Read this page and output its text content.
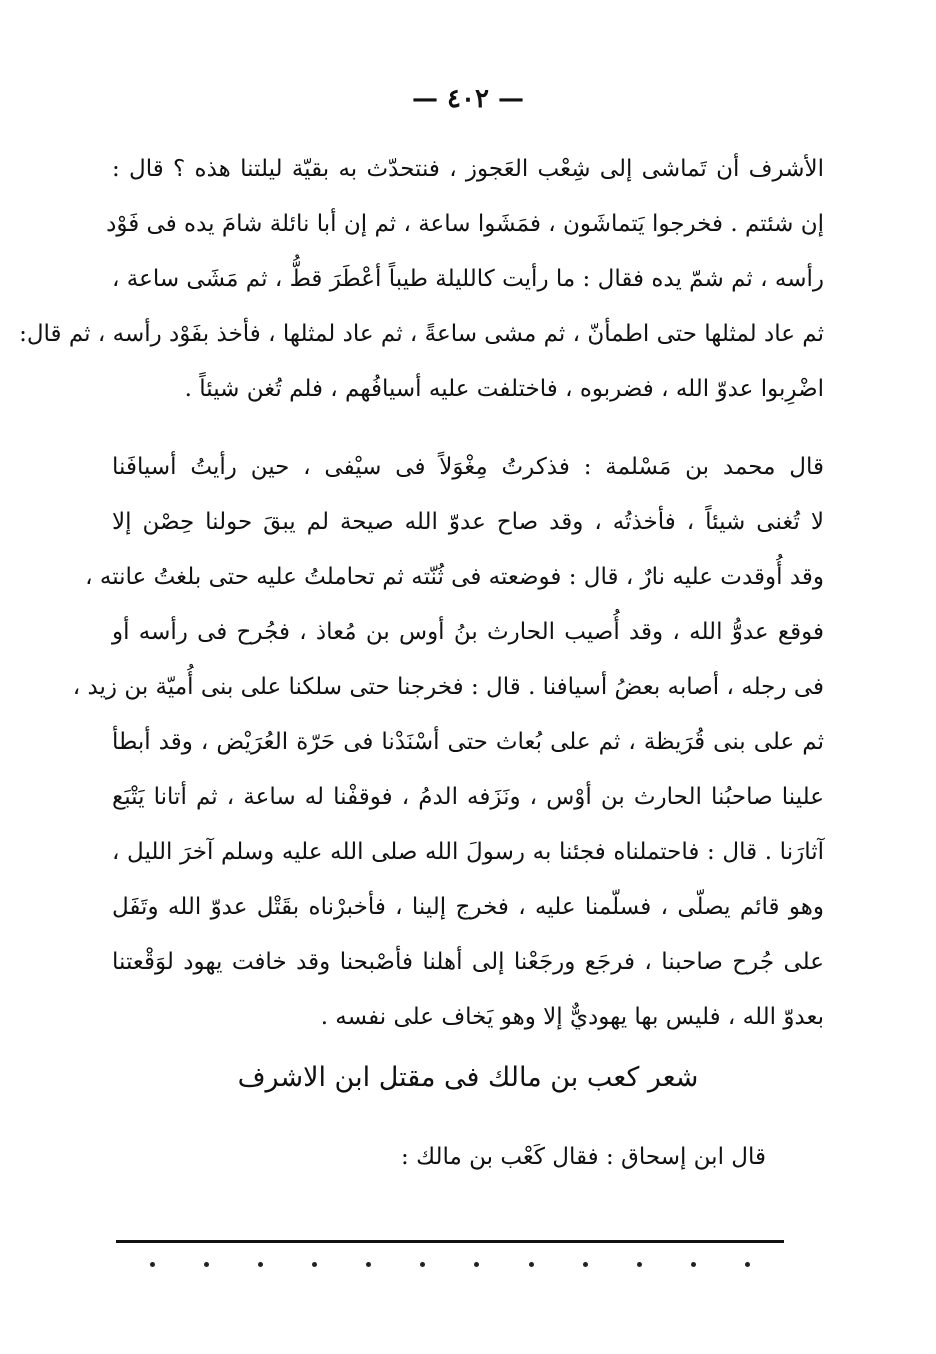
— ٤٠٢ —
الأشرف أن تَماشى إلى شِعْب العَجوز ، فنتحدّث به بقيّة ليلتنا هذه ؟ قال :
إن شئتم . فخرجوا يَتماشَون ، فمَشَوا ساعة ، ثم إن أبا نائلة شامَ يده فى فَوْد
رأسه ، ثم شمّ يده فقال : ما رأيت كالليلة طيباً أعْطَرَ قطُّ ، ثم مَشَى ساعة ،
ثم عاد لمثلها حتى اطمأنّ ، ثم مشى ساعةً ، ثم عاد لمثلها ، فأخذ بفَوْد رأسه ، ثم قال:
اضْرِبوا عدوّ الله ، فضربوه ، فاختلفت عليه أسيافُهم ، فلم تُغن شيئاً .
قال محمد بن مَسْلمة : فذكرتُ مِغْوَلاً فى سيْفى ، حين رأيتُ أسيافَنا
لا تُغنى شيئاً ، فأخذتُه ، وقد صاح عدوّ الله صيحة لم يبقَ حولنا حِصْن إلا
وقد أُوقدت عليه نارٌ ، قال : فوضعته فى ثُنّته ثم تحاملتُ عليه حتى بلغتُ عانته ،
فوقع عدوُّ الله ، وقد أُصيب الحارث بنُ أوس بن مُعاذ ، فجُرح فى رأسه أو
فى رجله ، أصابه بعضُ أسيافنا . قال : فخرجنا حتى سلكنا على بنى أُميّة بن زيد ،
ثم على بنى قُرَيظة ، ثم على بُعاث حتى أسْنَدْنا فى حَرّة العُرَيْض ، وقد أبطأ
علينا صاحبُنا الحارث بن أوْس ، ونَزَفه الدمُ ، فوقفْنا له ساعة ، ثم أتانا يَتْبَع
آثارَنا . قال : فاحتملناه فجئنا به رسولَ الله صلى الله عليه وسلم آخرَ الليل ،
وهو قائم يصلّى ، فسلّمنا عليه ، فخرج إلينا ، فأخبرْناه بقَتْل عدوّ الله وتَفَل
على جُرح صاحبنا ، فرجَع ورجَعْنا إلى أهلنا فأصْبحنا وقد خافت يهود لوَقْعتنا
بعدوّ الله ، فليس بها يهوديٌّ إلا وهو يَخاف على نفسه .
شعر كعب بن مالك فى مقتل ابن الاشرف
قال ابن إسحاق : فقال كَعْب بن مالك :
